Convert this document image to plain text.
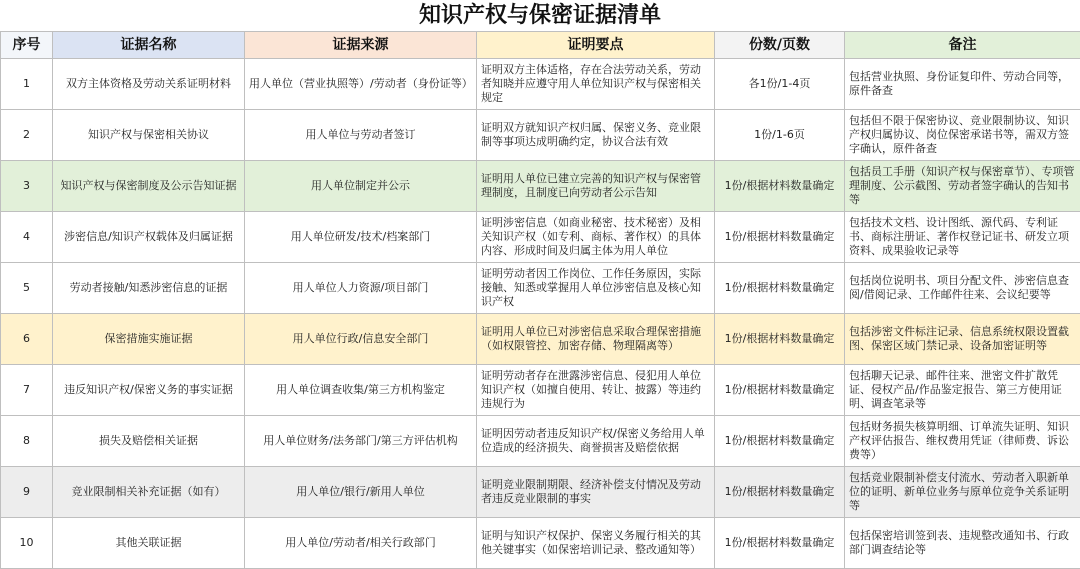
知识产权与保密证据清单
序号	证据名称	证据来源	证明要点	份数/页数	备注
1	双方主体资格及劳动关系证明材料	用人单位（营业执照等）/劳动者（身份证等）	证明双方主体适格，存在合法劳动关系，劳动者知晓并应遵守用人单位知识产权与保密相关规定	各1份/1-4页	包括营业执照、身份证复印件、劳动合同等，原件备查
2	知识产权与保密相关协议	用人单位与劳动者签订	证明双方就知识产权归属、保密义务、竞业限制等事项达成明确约定，协议合法有效	1份/1-6页	包括但不限于保密协议、竞业限制协议、知识产权归属协议、岗位保密承诺书等，需双方签字确认，原件备查
3	知识产权与保密制度及公示告知证据	用人单位制定并公示	证明用人单位已建立完善的知识产权与保密管理制度，且制度已向劳动者公示告知	1份/根据材料数量确定	包括员工手册（知识产权与保密章节）、专项管理制度、公示截图、劳动者签字确认的告知书等
4	涉密信息/知识产权载体及归属证据	用人单位研发/技术/档案部门	证明涉密信息（如商业秘密、技术秘密）及相关知识产权（如专利、商标、著作权）的具体内容、形成时间及归属主体为用人单位	1份/根据材料数量确定	包括技术文档、设计图纸、源代码、专利证书、商标注册证、著作权登记证书、研发立项资料、成果验收记录等
5	劳动者接触/知悉涉密信息的证据	用人单位人力资源/项目部门	证明劳动者因工作岗位、工作任务原因，实际接触、知悉或掌握用人单位涉密信息及核心知识产权	1份/根据材料数量确定	包括岗位说明书、项目分配文件、涉密信息查阅/借阅记录、工作邮件往来、会议纪要等
6	保密措施实施证据	用人单位行政/信息安全部门	证明用人单位已对涉密信息采取合理保密措施（如权限管控、加密存储、物理隔离等）	1份/根据材料数量确定	包括涉密文件标注记录、信息系统权限设置截图、保密区域门禁记录、设备加密证明等
7	违反知识产权/保密义务的事实证据	用人单位调查收集/第三方机构鉴定	证明劳动者存在泄露涉密信息、侵犯用人单位知识产权（如擅自使用、转让、披露）等违约违规行为	1份/根据材料数量确定	包括聊天记录、邮件往来、泄密文件扩散凭证、侵权产品/作品鉴定报告、第三方使用证明、调查笔录等
8	损失及赔偿相关证据	用人单位财务/法务部门/第三方评估机构	证明因劳动者违反知识产权/保密义务给用人单位造成的经济损失、商誉损害及赔偿依据	1份/根据材料数量确定	包括财务损失核算明细、订单流失证明、知识产权评估报告、维权费用凭证（律师费、诉讼费等）
9	竞业限制相关补充证据（如有）	用人单位/银行/新用人单位	证明竞业限制期限、经济补偿支付情况及劳动者违反竞业限制的事实	1份/根据材料数量确定	包括竞业限制补偿支付流水、劳动者入职新单位的证明、新单位业务与原单位竞争关系证明等
10	其他关联证据	用人单位/劳动者/相关行政部门	证明与知识产权保护、保密义务履行相关的其他关键事实（如保密培训记录、整改通知等）	1份/根据材料数量确定	包括保密培训签到表、违规整改通知书、行政部门调查结论等
